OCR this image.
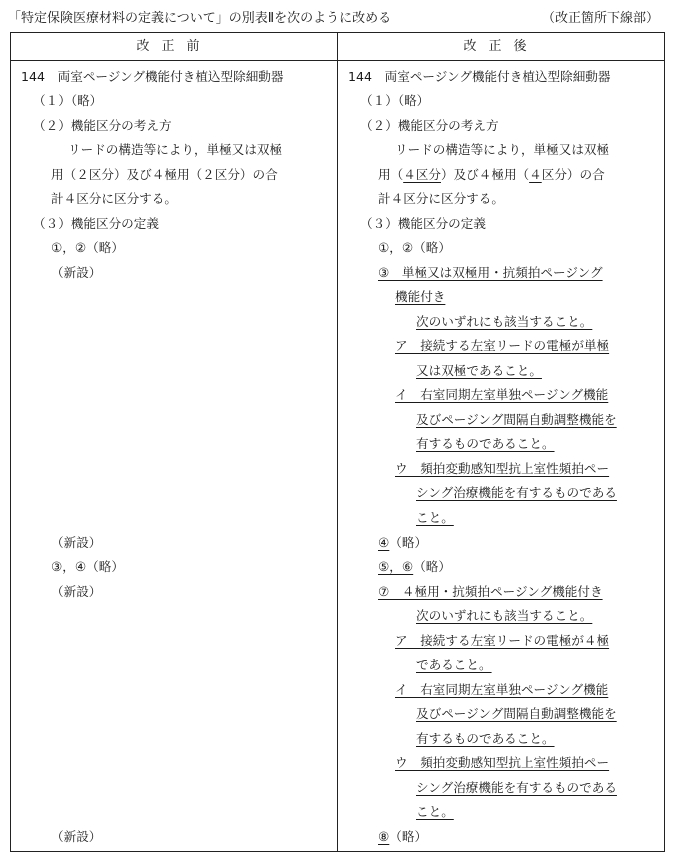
「特定保険医療材料の定義について」の別表Ⅱを次のように改める	（改正箇所下線部）
改正前	改正後
144　両室ページング機能付き植込型除細動器
（１）（略）
（２）機能区分の考え方
リードの構造等により，単極又は双極
用（２区分）及び４極用（２区分）の合
計４区分に区分する。
（３）機能区分の定義
①，②（略）
（新設）
（新設）
③，④（略）
（新設）
（新設）
144　両室ページング機能付き植込型除細動器
（１）（略）
（２）機能区分の考え方
リードの構造等により，単極又は双極
用（４区分）及び４極用（４区分）の合
計４区分に区分する。
（３）機能区分の定義
①，②（略）
③　単極又は双極用・抗頻拍ページング
機能付き
次のいずれにも該当すること。
ア　接続する左室リードの電極が単極
又は双極であること。
イ　右室同期左室単独ページング機能
及びページング間隔自動調整機能を
有するものであること。
ウ　頻拍変動感知型抗上室性頻拍ペー
シング治療機能を有するものである
こと。
④（略）
⑤，⑥（略）
⑦　４極用・抗頻拍ページング機能付き
次のいずれにも該当すること。
ア　接続する左室リードの電極が４極
であること。
イ　右室同期左室単独ページング機能
及びページング間隔自動調整機能を
有するものであること。
ウ　頻拍変動感知型抗上室性頻拍ペー
シング治療機能を有するものである
こと。
⑧（略）
